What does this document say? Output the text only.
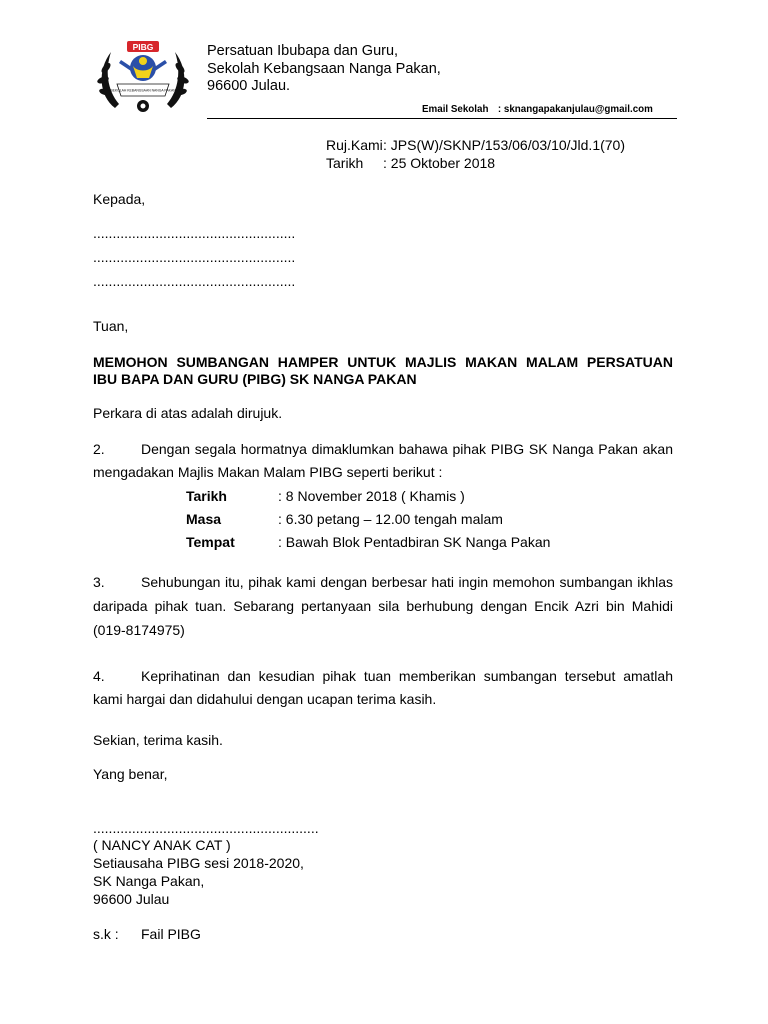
PIBG
SEKOLAH KEBANGSAAN NANGA PAKAN
Persatuan Ibubapa dan Guru,
Sekolah Kebangsaan Nanga Pakan,
96600 Julau.
Email Sekolah : sknangapakanjulau@gmail.com
Ruj.Kami : JPS(W)/SKNP/153/06/03/10/Jld.1(70)
Tarikh : 25 Oktober 2018
Kepada,
....................................................
....................................................
....................................................
Tuan,
MEMOHON SUMBANGAN HAMPER UNTUK MAJLIS MAKAN MALAM PERSATUAN
IBU BAPA DAN GURU (PIBG) SK NANGA PAKAN
Perkara di atas adalah dirujuk.
2.	Dengan segala hormatnya dimaklumkan bahawa pihak PIBG SK Nanga Pakan akan
mengadakan Majlis Makan Malam PIBG seperti berikut :
Tarikh	: 8 November 2018 ( Khamis )
Masa	: 6.30 petang – 12.00 tengah malam
Tempat	: Bawah Blok Pentadbiran SK Nanga Pakan
3.	Sehubungan itu, pihak kami dengan berbesar hati ingin memohon sumbangan ikhlas
daripada pihak tuan. Sebarang pertanyaan sila berhubung dengan Encik Azri bin Mahidi
(019-8174975)
4.	Keprihatinan dan kesudian pihak tuan memberikan sumbangan tersebut amatlah
kami hargai dan didahului dengan ucapan terima kasih.
Sekian, terima kasih.
Yang benar,
..........................................................
( NANCY ANAK CAT )
Setiausaha PIBG sesi 2018-2020,
SK Nanga Pakan,
96600 Julau
s.k : Fail PIBG
